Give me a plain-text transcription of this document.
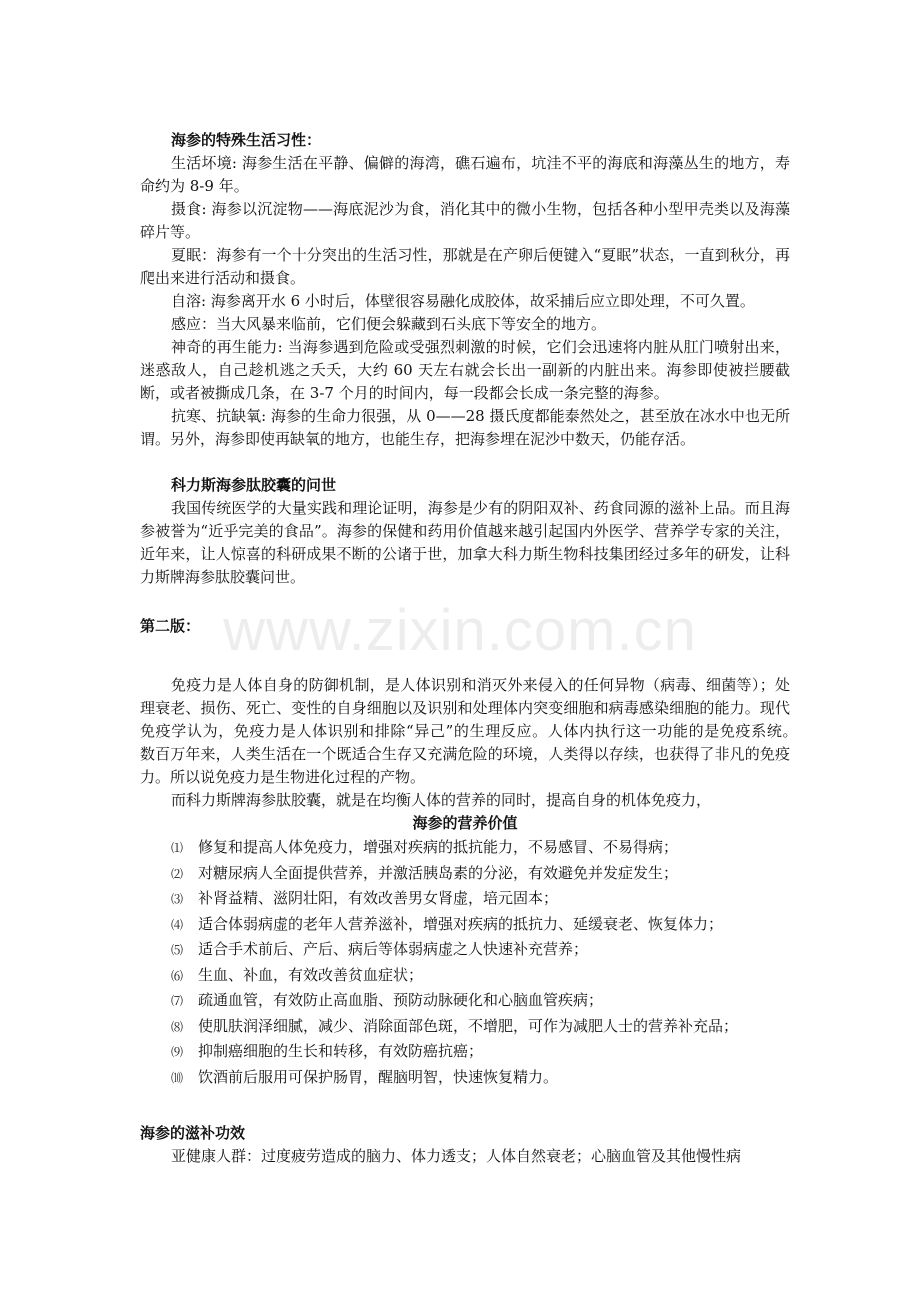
www.zixin.com.cn

海参的特殊生活习性：

生活坏境: 海参生活在平静、偏僻的海湾，礁石遍布，坑洼不平的海底和海藻丛生的地方，寿命约为 8-9 年。

摄食: 海参以沉淀物——海底泥沙为食，消化其中的微小生物，包括各种小型甲壳类以及海藻碎片等。

夏眠：海参有一个十分突出的生活习性，那就是在产卵后便键入“夏眠”状态，一直到秋分，再爬出来进行活动和摄食。

自溶: 海参离开水 6 小时后，体壁很容易融化成胶体，故采捕后应立即处理，不可久置。

感应：当大风暴来临前，它们便会躲藏到石头底下等安全的地方。

神奇的再生能力: 当海参遇到危险或受强烈刺激的时候，它们会迅速将内脏从肛门喷射出来，迷惑敌人，自己趁机逃之夭夭，大约 60 天左右就会长出一副新的内脏出来。海参即使被拦腰截断，或者被撕成几条，在 3-7 个月的时间内，每一段都会长成一条完整的海参。

抗寒、抗缺氧: 海参的生命力很强，从 0——28 摄氏度都能泰然处之，甚至放在冰水中也无所谓。另外，海参即使再缺氧的地方，也能生存，把海参埋在泥沙中数天，仍能存活。

科力斯海参肽胶囊的问世

我国传统医学的大量实践和理论证明，海参是少有的阴阳双补、药食同源的滋补上品。而且海参被誉为“近乎完美的食品”。海参的保健和药用价值越来越引起国内外医学、营养学专家的关注，近年来，让人惊喜的科研成果不断的公诸于世，加拿大科力斯生物科技集团经过多年的研发，让科力斯牌海参肽胶囊问世。

第二版：

免疫力是人体自身的防御机制，是人体识别和消灭外来侵入的任何异物（病毒、细菌等）；处理衰老、损伤、死亡、变性的自身细胞以及识别和处理体内突变细胞和病毒感染细胞的能力。现代免疫学认为，免疫力是人体识别和排除“异己”的生理反应。人体内执行这一功能的是免疫系统。　数百万年来，人类生活在一个既适合生存又充满危险的环境，人类得以存续，也获得了非凡的免疫力。所以说免疫力是生物进化过程的产物。

而科力斯牌海参肽胶囊，就是在均衡人体的营养的同时，提高自身的机体免疫力，

海参的营养价值

⑴ 修复和提高人体免疫力，增强对疾病的抵抗能力，不易感冒、不易得病；
⑵ 对糖尿病人全面提供营养，并激活胰岛素的分泌，有效避免并发症发生；
⑶ 补肾益精、滋阴壮阳，有效改善男女肾虚，培元固本；
⑷ 适合体弱病虚的老年人营养滋补，增强对疾病的抵抗力、延缓衰老、恢复体力；
⑸ 适合手术前后、产后、病后等体弱病虚之人快速补充营养；
⑹ 生血、补血，有效改善贫血症状；
⑺ 疏通血管，有效防止高血脂、预防动脉硬化和心脑血管疾病；
⑻ 使肌肤润泽细腻，减少、消除面部色斑，不增肥，可作为减肥人士的营养补充品；
⑼ 抑制癌细胞的生长和转移，有效防癌抗癌；
⑽ 饮酒前后服用可保护肠胃，醒脑明智，快速恢复精力。

海参的滋补功效

亚健康人群：过度疲劳造成的脑力、体力透支；人体自然衰老；心脑血管及其他慢性病
